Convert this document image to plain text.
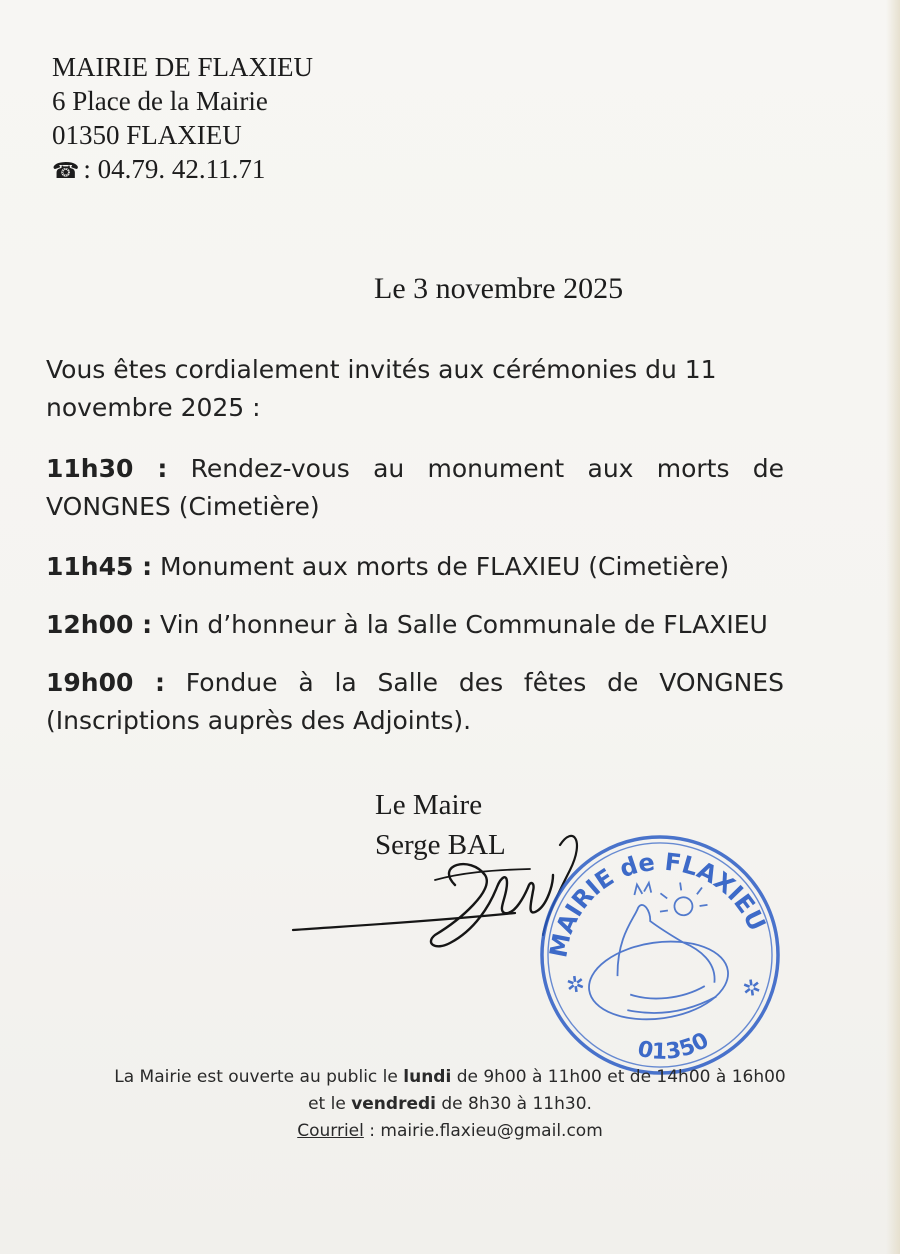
MAIRIE DE FLAXIEU
6 Place de la Mairie
01350 FLAXIEU
☎ : 04.79. 42.11.71
Le 3 novembre 2025
Vous êtes cordialement invités aux cérémonies du 11
novembre 2025 :
11h30 : Rendez-vous au monument aux morts de
VONGNES (Cimetière)
11h45 : Monument aux morts de FLAXIEU (Cimetière)
12h00 : Vin d’honneur à la Salle Communale de FLAXIEU
19h00 : Fondue à la Salle des fêtes de VONGNES
(Inscriptions auprès des Adjoints).
Le Maire
Serge BAL
MAIRIE de FLAXIEU
01350
✲	✲
La Mairie est ouverte au public le lundi de 9h00 à 11h00 et de 14h00 à 16h00
et le vendredi de 8h30 à 11h30.
Courriel : mairie.flaxieu@gmail.com
